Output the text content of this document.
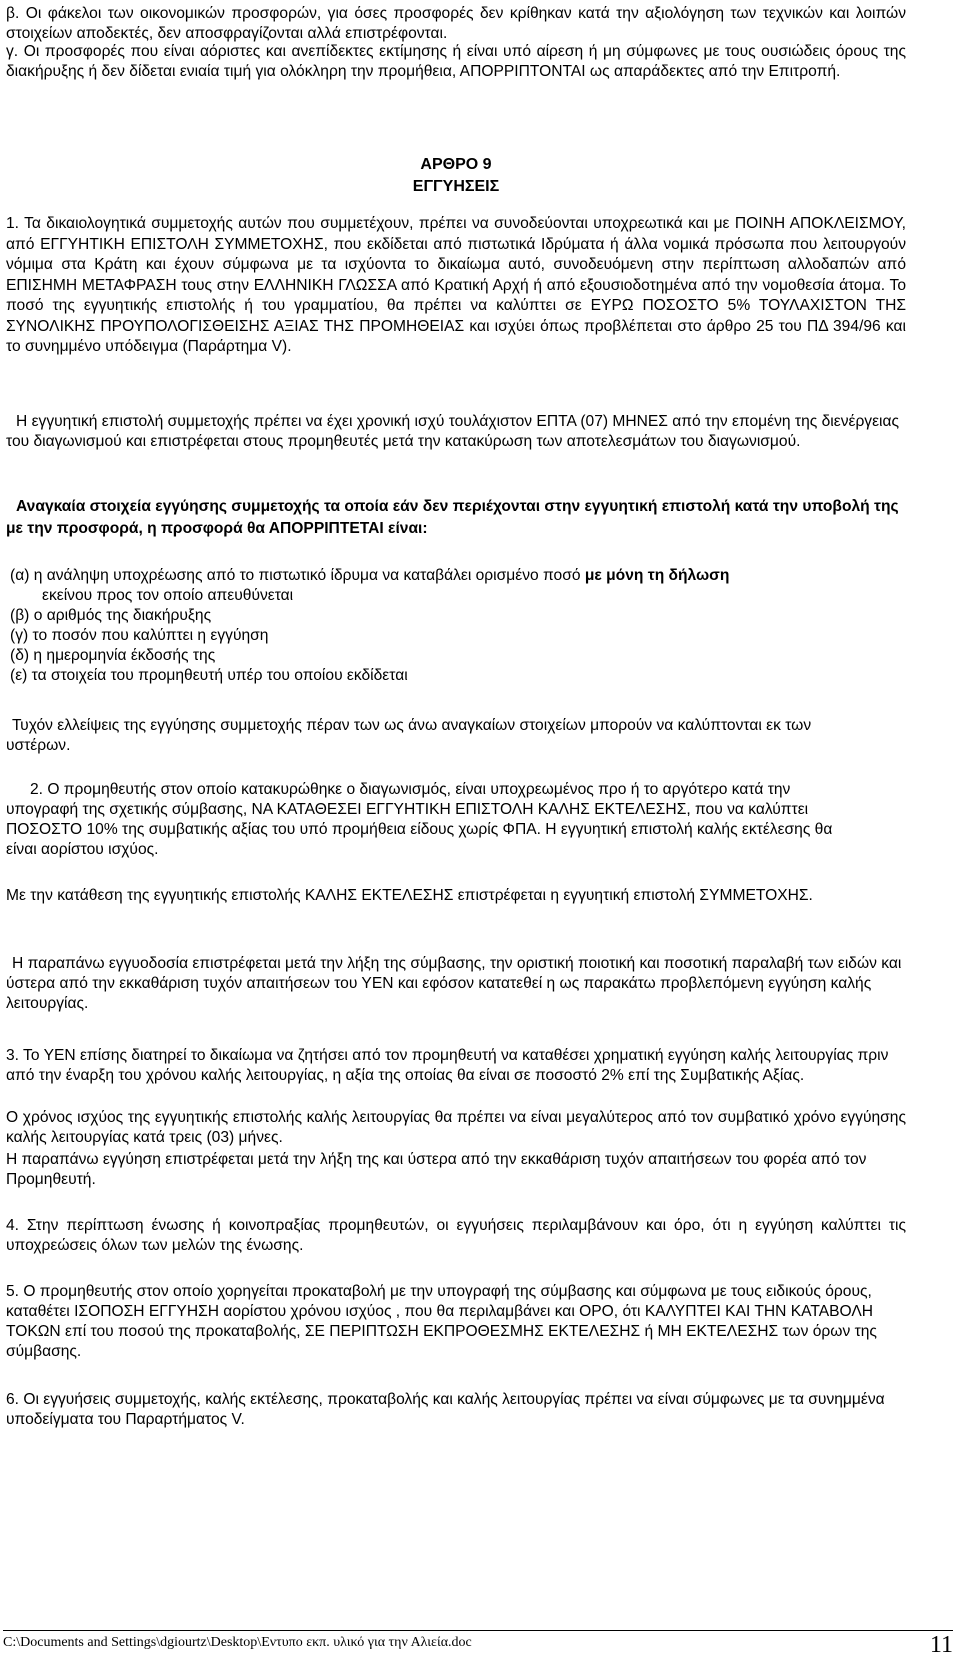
β. Οι φάκελοι των οικονομικών προσφορών, για όσες προσφορές δεν κρίθηκαν κατά την αξιολόγηση των τεχνικών και λοιπών στοιχείων αποδεκτές, δεν αποσφραγίζονται αλλά επιστρέφονται.

γ. Οι προσφορές που είναι αόριστες και ανεπίδεκτες εκτίμησης ή είναι υπό αίρεση ή μη σύμφωνες με τους ουσιώδεις όρους της διακήρυξης ή δεν δίδεται ενιαία τιμή για ολόκληρη την προμήθεια, ΑΠΟΡΡΙΠΤΟΝΤΑΙ ως απαράδεκτες από την Επιτροπή.

ΑΡΘΡΟ 9

ΕΓΓΥΗΣΕΙΣ

1. Τα δικαιολογητικά συμμετοχής αυτών που συμμετέχουν, πρέπει να συνοδεύονται υποχρεωτικά και με ΠΟΙΝΗ ΑΠΟΚΛΕΙΣΜΟΥ, από ΕΓΓΥΗΤΙΚΗ ΕΠΙΣΤΟΛΗ ΣΥΜΜΕΤΟΧΗΣ, που εκδίδεται από πιστωτικά Ιδρύματα ή άλλα νομικά πρόσωπα που λειτουργούν νόμιμα στα Κράτη και έχουν σύμφωνα με τα ισχύοντα το δικαίωμα αυτό, συνοδευόμενη στην περίπτωση αλλοδαπών από ΕΠΙΣΗΜΗ ΜΕΤΑΦΡΑΣΗ τους στην ΕΛΛΗΝΙΚΗ ΓΛΩΣΣΑ από Κρατική Αρχή ή από εξουσιοδοτημένα από την νομοθεσία άτομα. Το ποσό της εγγυητικής επιστολής ή του γραμματίου, θα πρέπει να καλύπτει σε ΕΥΡΩ ΠΟΣΟΣΤΟ 5% ΤΟΥΛΑΧΙΣΤΟΝ ΤΗΣ ΣΥΝΟΛΙΚΗΣ ΠΡΟΥΠΟΛΟΓΙΣΘΕΙΣΗΣ ΑΞΙΑΣ ΤΗΣ ΠΡΟΜΗΘΕΙΑΣ και ισχύει όπως προβλέπεται στο άρθρο 25 του ΠΔ 394/96 και το συνημμένο υπόδειγμα (Παράρτημα V).

Η εγγυητική επιστολή συμμετοχής πρέπει να έχει χρονική ισχύ τουλάχιστον ΕΠΤΑ (07) ΜΗΝΕΣ από την επομένη της διενέργειας του διαγωνισμού και επιστρέφεται στους προμηθευτές μετά την κατακύρωση των αποτελεσμάτων του διαγωνισμού.

Αναγκαία στοιχεία εγγύησης συμμετοχής τα οποία εάν δεν περιέχονται στην εγγυητική επιστολή κατά την υποβολή της με την προσφορά, η προσφορά θα ΑΠΟΡΡΙΠΤΕΤΑΙ είναι:

(α) η ανάληψη υποχρέωσης από το πιστωτικό ίδρυμα να καταβάλει ορισμένο ποσό με μόνη τη δήλωση

εκείνου προς τον οποίο απευθύνεται

(β) ο αριθμός της διακήρυξης

(γ) το ποσόν που καλύπτει η εγγύηση

(δ) η ημερομηνία έκδοσής της

(ε) τα στοιχεία του προμηθευτή υπέρ του οποίου εκδίδεται

Τυχόν ελλείψεις της εγγύησης συμμετοχής πέραν των ως άνω αναγκαίων στοιχείων μπορούν να καλύπτονται εκ των υστέρων.

2. Ο προμηθευτής στον οποίο κατακυρώθηκε ο διαγωνισμός, είναι υποχρεωμένος προ ή το αργότερο κατά την υπογραφή της σχετικής σύμβασης, ΝΑ ΚΑΤΑΘΕΣΕΙ ΕΓΓΥΗΤΙΚΗ ΕΠΙΣΤΟΛΗ ΚΑΛΗΣ ΕΚΤΕΛΕΣΗΣ, που να καλύπτει ΠΟΣΟΣΤΟ 10% της συμβατικής αξίας του υπό προμήθεια είδους χωρίς ΦΠΑ. Η εγγυητική επιστολή καλής εκτέλεσης θα είναι αορίστου ισχύος.

Με την κατάθεση της εγγυητικής επιστολής ΚΑΛΗΣ ΕΚΤΕΛΕΣΗΣ επιστρέφεται η εγγυητική επιστολή ΣΥΜΜΕΤΟΧΗΣ.

Η παραπάνω εγγυοδοσία επιστρέφεται μετά την λήξη της σύμβασης, την οριστική ποιοτική και ποσοτική παραλαβή των ειδών και ύστερα από την εκκαθάριση τυχόν απαιτήσεων του ΥΕΝ και εφόσον κατατεθεί η ως παρακάτω προβλεπόμενη εγγύηση καλής λειτουργίας.

3. Το ΥΕΝ επίσης διατηρεί το δικαίωμα να ζητήσει από τον προμηθευτή να καταθέσει χρηματική εγγύηση καλής λειτουργίας πριν από την έναρξη του χρόνου καλής λειτουργίας, η αξία της οποίας θα είναι σε ποσοστό 2% επί της Συμβατικής Αξίας.

Ο χρόνος ισχύος της εγγυητικής επιστολής καλής λειτουργίας θα πρέπει να είναι μεγαλύτερος από τον συμβατικό χρόνο εγγύησης καλής λειτουργίας κατά τρεις (03) μήνες.

Η παραπάνω εγγύηση επιστρέφεται μετά την λήξη της και ύστερα από την εκκαθάριση τυχόν απαιτήσεων του φορέα από τον Προμηθευτή.

4. Στην περίπτωση ένωσης ή κοινοπραξίας προμηθευτών, οι εγγυήσεις περιλαμβάνουν και όρο, ότι η εγγύηση καλύπτει τις υποχρεώσεις όλων των μελών της ένωσης.

5. Ο προμηθευτής στον οποίο χορηγείται προκαταβολή με την υπογραφή της σύμβασης και σύμφωνα με τους ειδικούς όρους, καταθέτει ΙΣΟΠΟΣΗ ΕΓΓΥΗΣΗ αορίστου χρόνου ισχύος , που θα περιλαμβάνει και ΟΡΟ, ότι ΚΑΛΥΠΤΕΙ ΚΑΙ ΤΗΝ ΚΑΤΑΒΟΛΗ ΤΟΚΩΝ επί του ποσού της προκαταβολής, ΣΕ ΠΕΡΙΠΤΩΣΗ ΕΚΠΡΟΘΕΣΜΗΣ ΕΚΤΕΛΕΣΗΣ ή ΜΗ ΕΚΤΕΛΕΣΗΣ των όρων της σύμβασης.

6. Οι εγγυήσεις συμμετοχής, καλής εκτέλεσης, προκαταβολής και καλής λειτουργίας πρέπει να είναι σύμφωνες με τα συνημμένα υποδείγματα του Παραρτήματος V.

C:\Documents and Settings\dgiourtz\Desktop\Εντυπο εκπ. υλικό για την Αλιεία.doc	11
